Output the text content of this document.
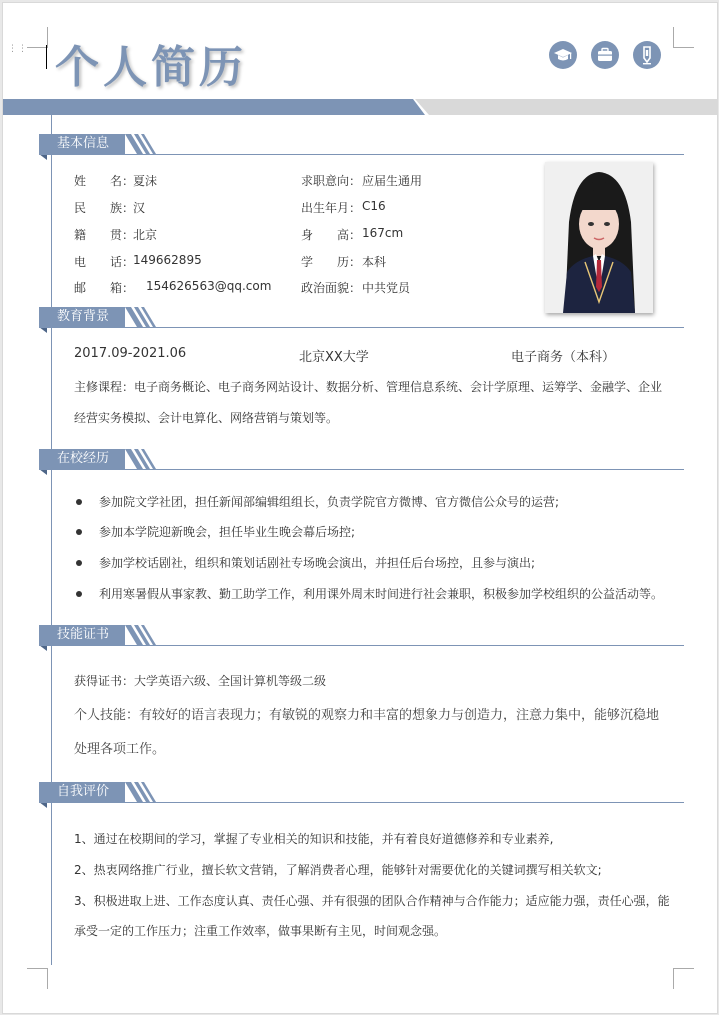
⋮⋮ 个人简历
基本信息
教育背景
2017.09-2021.06	北京XX大学	电子商务（本科）
主修课程：电子商务概论、电子商务网站设计、数据分析、管理信息系统、会计学原理、运筹学、金融学、企业
经营实务模拟、会计电算化、网络营销与策划等。
在校经历
技能证书
获得证书：大学英语六级、全国计算机等级二级
个人技能：有较好的语言表现力；有敏锐的观察力和丰富的想象力与创造力，注意力集中，能够沉稳地
处理各项工作。
自我评价
1、通过在校期间的学习，掌握了专业相关的知识和技能，并有着良好道德修养和专业素养,
2、热衷网络推广行业，擅长软文营销，了解消费者心理，能够针对需要优化的关键词撰写相关软文;
3、积极进取上进、工作态度认真、责任心强、并有很强的团队合作精神与合作能力；适应能力强，责任心强，能
承受一定的工作压力；注重工作效率，做事果断有主见，时间观念强。
姓　　名：
夏沫
民　　族：
汉
籍　　贯：
北京
电　　话：
149662895
邮　　箱： 154626563@qq.com
求职意向： 应届生通用
出生年月： C16
身　　高： 167cm
学　　历： 本科
政治面貌： 中共党员
参加院文学社团，担任新闻部编辑组组长，负责学院官方微博、官方微信公众号的运营;
参加本学院迎新晚会，担任毕业生晚会幕后场控;
参加学校话剧社，组织和策划话剧社专场晚会演出，并担任后台场控，且参与演出;
利用寒暑假从事家教、勤工助学工作，利用课外周末时间进行社会兼职，积极参加学校组织的公益活动等。
